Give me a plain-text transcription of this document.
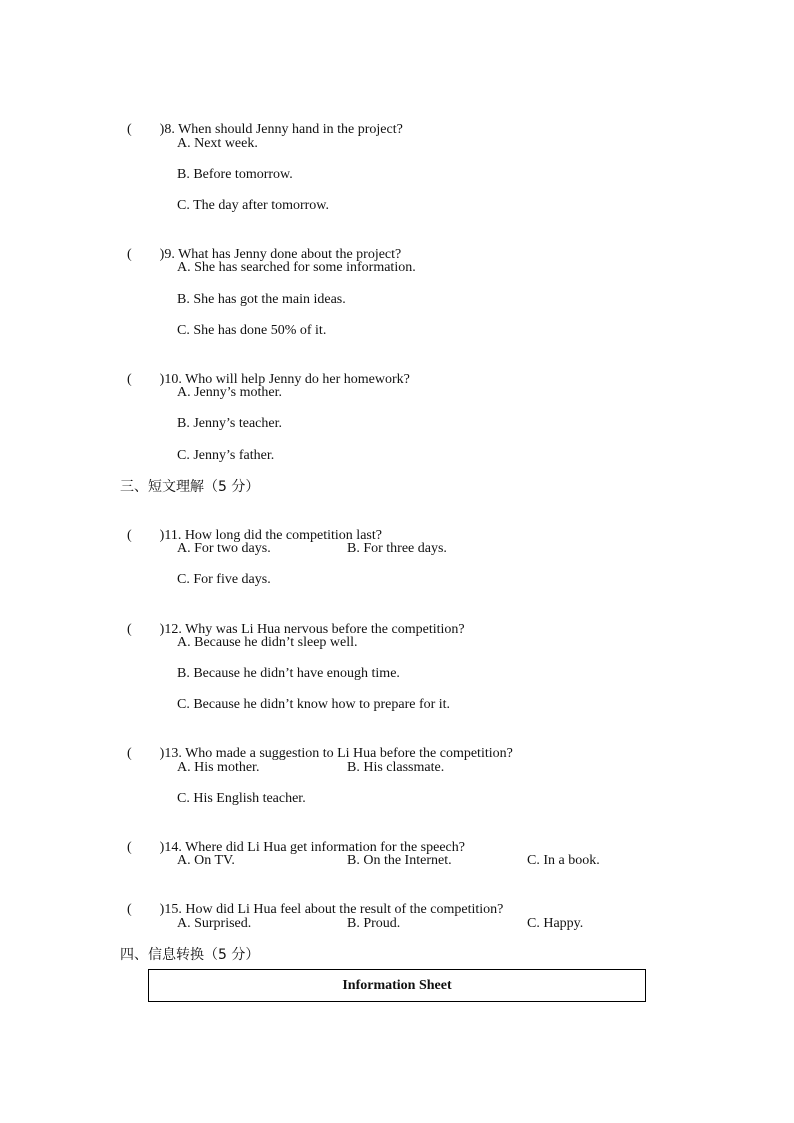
( )8. When should Jenny hand in the project?

A. Next week.
B. Before tomorrow.
C. The day after tomorrow.

( )9. What has Jenny done about the project?

A. She has searched for some information.
B. She has got the main ideas.
C. She has done 50% of it.

( )10. Who will help Jenny do her homework?

A. Jenny’s mother.
B. Jenny’s teacher.
C. Jenny’s father.
三、短文理解（5 分）

( )11. How long did the competition last?

A. For two days.	B. For three days.
C. For five days.

( )12. Why was Li Hua nervous before the competition?

A. Because he didn’t sleep well.
B. Because he didn’t have enough time.
C. Because he didn’t know how to prepare for it.

( )13. Who made a suggestion to Li Hua before the competition?

A. His mother.	B. His classmate.
C. His English teacher.

( )14. Where did Li Hua get information for the speech?

A. On TV.	B. On the Internet.	C. In a book.

( )15. How did Li Hua feel about the result of the competition?

A. Surprised.	B. Proud.	C. Happy.
四、信息转换（5 分）
Information Sheet
